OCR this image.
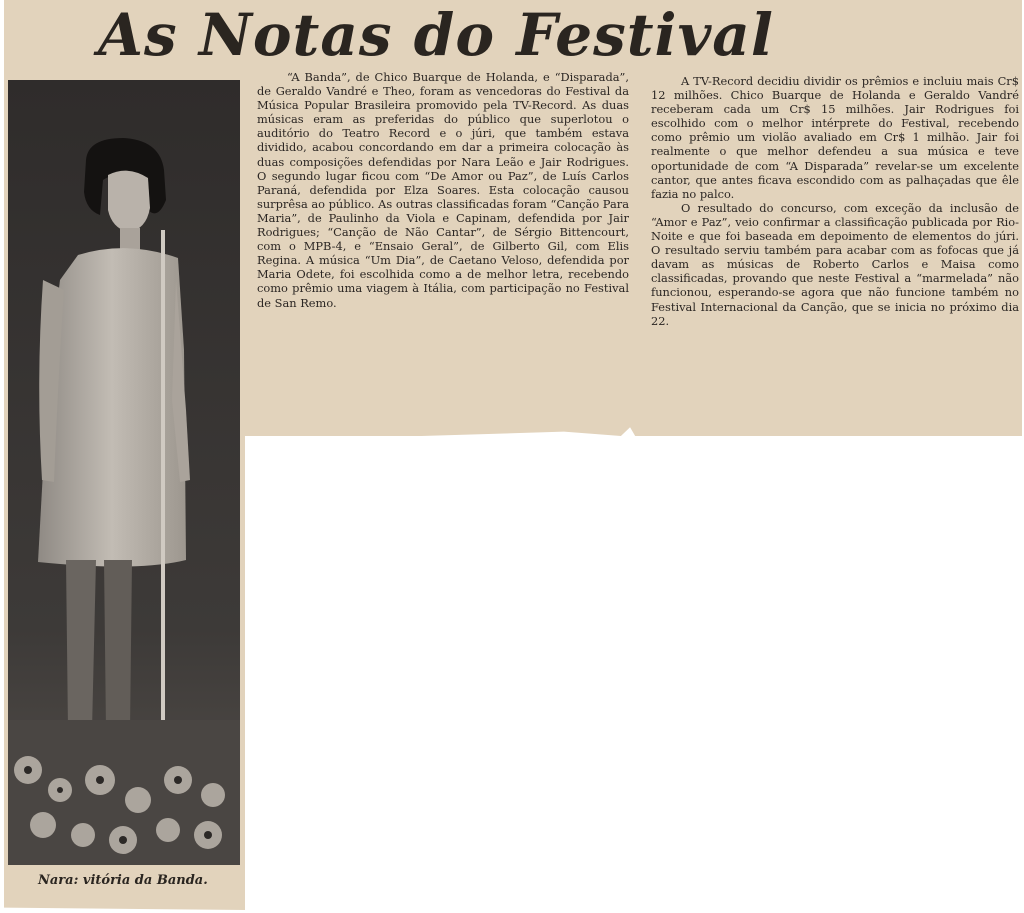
As Notas do Festival
Nara: vitória da Banda.

“A Banda”, de Chico Buarque de Holanda, e “Disparada”, de Geraldo Vandré e Theo, foram as vencedoras do Festival da Música Popular Brasileira promovido pela TV-Record. As duas músicas eram as preferidas do público que superlotou o auditório do Teatro Record e o júri, que também estava dividido, acabou concordando em dar a primeira colocação às duas composições defendidas por Nara Leão e Jair Rodrigues. O segundo lugar ficou com “De Amor ou Paz”, de Luís Carlos Paraná, defendida por Elza Soares. Esta colocação causou surprêsa ao público. As outras classificadas foram “Canção Para Maria”, de Paulinho da Viola e Capinam, defendida por Jair Rodrigues; “Canção de Não Cantar”, de Sérgio Bittencourt, com o MPB-4, e “Ensaio Geral”, de Gilberto Gil, com Elis Regina. A música “Um Dia”, de Caetano Veloso, defendida por Maria Odete, foi escolhida como a de melhor letra, recebendo como prêmio uma viagem à Itália, com participação no Festival de San Remo.

A TV-Record decidiu dividir os prêmios e incluiu mais Cr$ 12 milhões. Chico Buarque de Holanda e Geraldo Vandré receberam cada um Cr$ 15 milhões. Jair Rodrigues foi escolhido com o melhor intérprete do Festival, recebendo como prêmio um violão avaliado em Cr$ 1 milhão. Jair foi realmente o que melhor defendeu a sua música e teve oportunidade de com “A Disparada” revelar-se um excelente cantor, que antes ficava escondido com as palhaçadas que êle fazia no palco.

O resultado do concurso, com exceção da inclusão de “Amor e Paz”, veio confirmar a classificação publicada por Rio-Noite e que foi baseada em depoimento de elementos do júri. O resultado serviu também para acabar com as fofocas que já davam as músicas de Roberto Carlos e Maisa como classificadas, provando que neste Festival a “marmelada” não funcionou, esperando-se agora que não funcione também no Festival Internacional da Canção, que se inicia no próximo dia 22.
